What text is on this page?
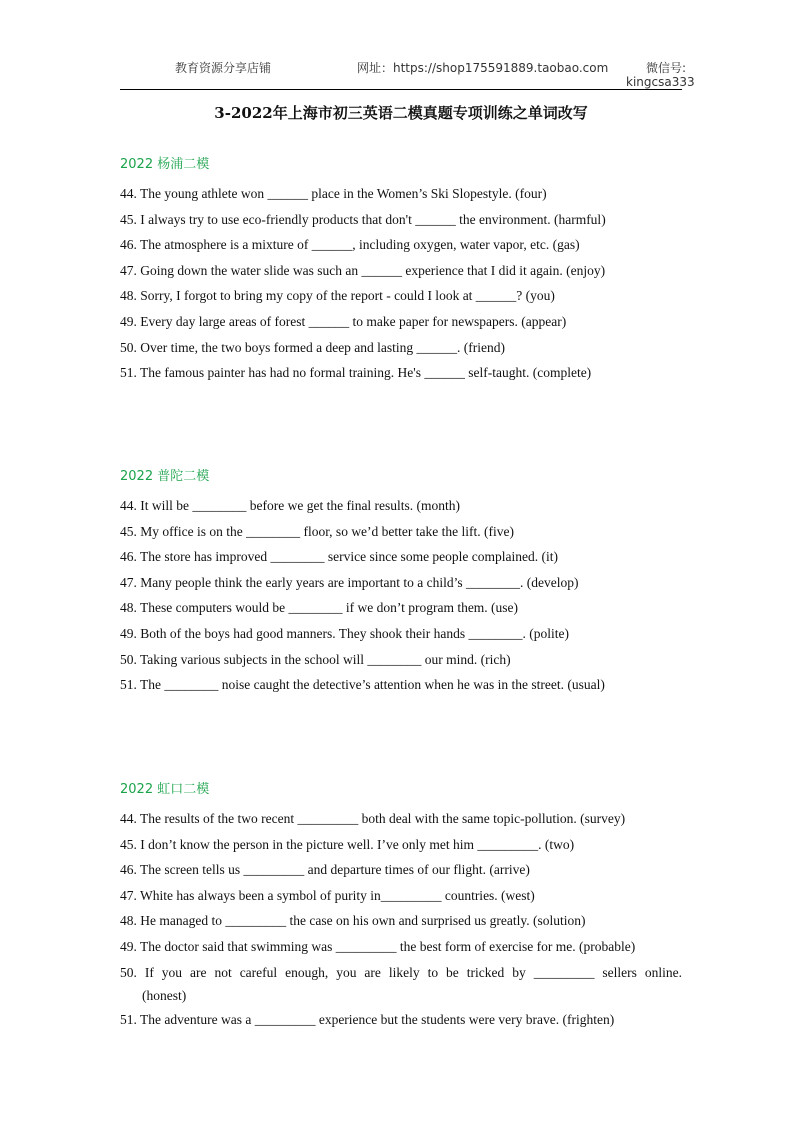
教育资源分享店铺	网址：https://shop175591889.taobao.com	微信号:
kingcsa333
3-2022年上海市初三英语二模真题专项训练之单词改写
2022 杨浦二模
44. The young athlete won ______ place in the Women’s Ski Slopestyle. (four)
45. I always try to use eco-friendly products that don't ______ the environment. (harmful)
46. The atmosphere is a mixture of ______, including oxygen, water vapor, etc. (gas)
47. Going down the water slide was such an ______ experience that I did it again. (enjoy)
48. Sorry, I forgot to bring my copy of the report - could I look at ______? (you)
49. Every day large areas of forest ______ to make paper for newspapers. (appear)
50. Over time, the two boys formed a deep and lasting ______. (friend)
51. The famous painter has had no formal training. He's ______ self-taught. (complete)
2022 普陀二模
44. It will be ________ before we get the final results. (month)
45. My office is on the ________ floor, so we’d better take the lift. (five)
46. The store has improved ________ service since some people complained. (it)
47. Many people think the early years are important to a child’s ________. (develop)
48. These computers would be ________ if we don’t program them. (use)
49. Both of the boys had good manners. They shook their hands ________. (polite)
50. Taking various subjects in the school will ________ our mind. (rich)
51. The ________ noise caught the detective’s attention when he was in the street. (usual)
2022 虹口二模
44. The results of the two recent _________ both deal with the same topic-pollution. (survey)
45. I don’t know the person in the picture well. I’ve only met him _________. (two)
46. The screen tells us _________ and departure times of our flight. (arrive)
47. White has always been a symbol of purity in_________ countries. (west)
48. He managed to _________ the case on his own and surprised us greatly. (solution)
49. The doctor said that swimming was _________ the best form of exercise for me. (probable)
50. If you are not careful enough, you are likely to be tricked by _________ sellers online.
(honest)
51. The adventure was a _________ experience but the students were very brave. (frighten)
